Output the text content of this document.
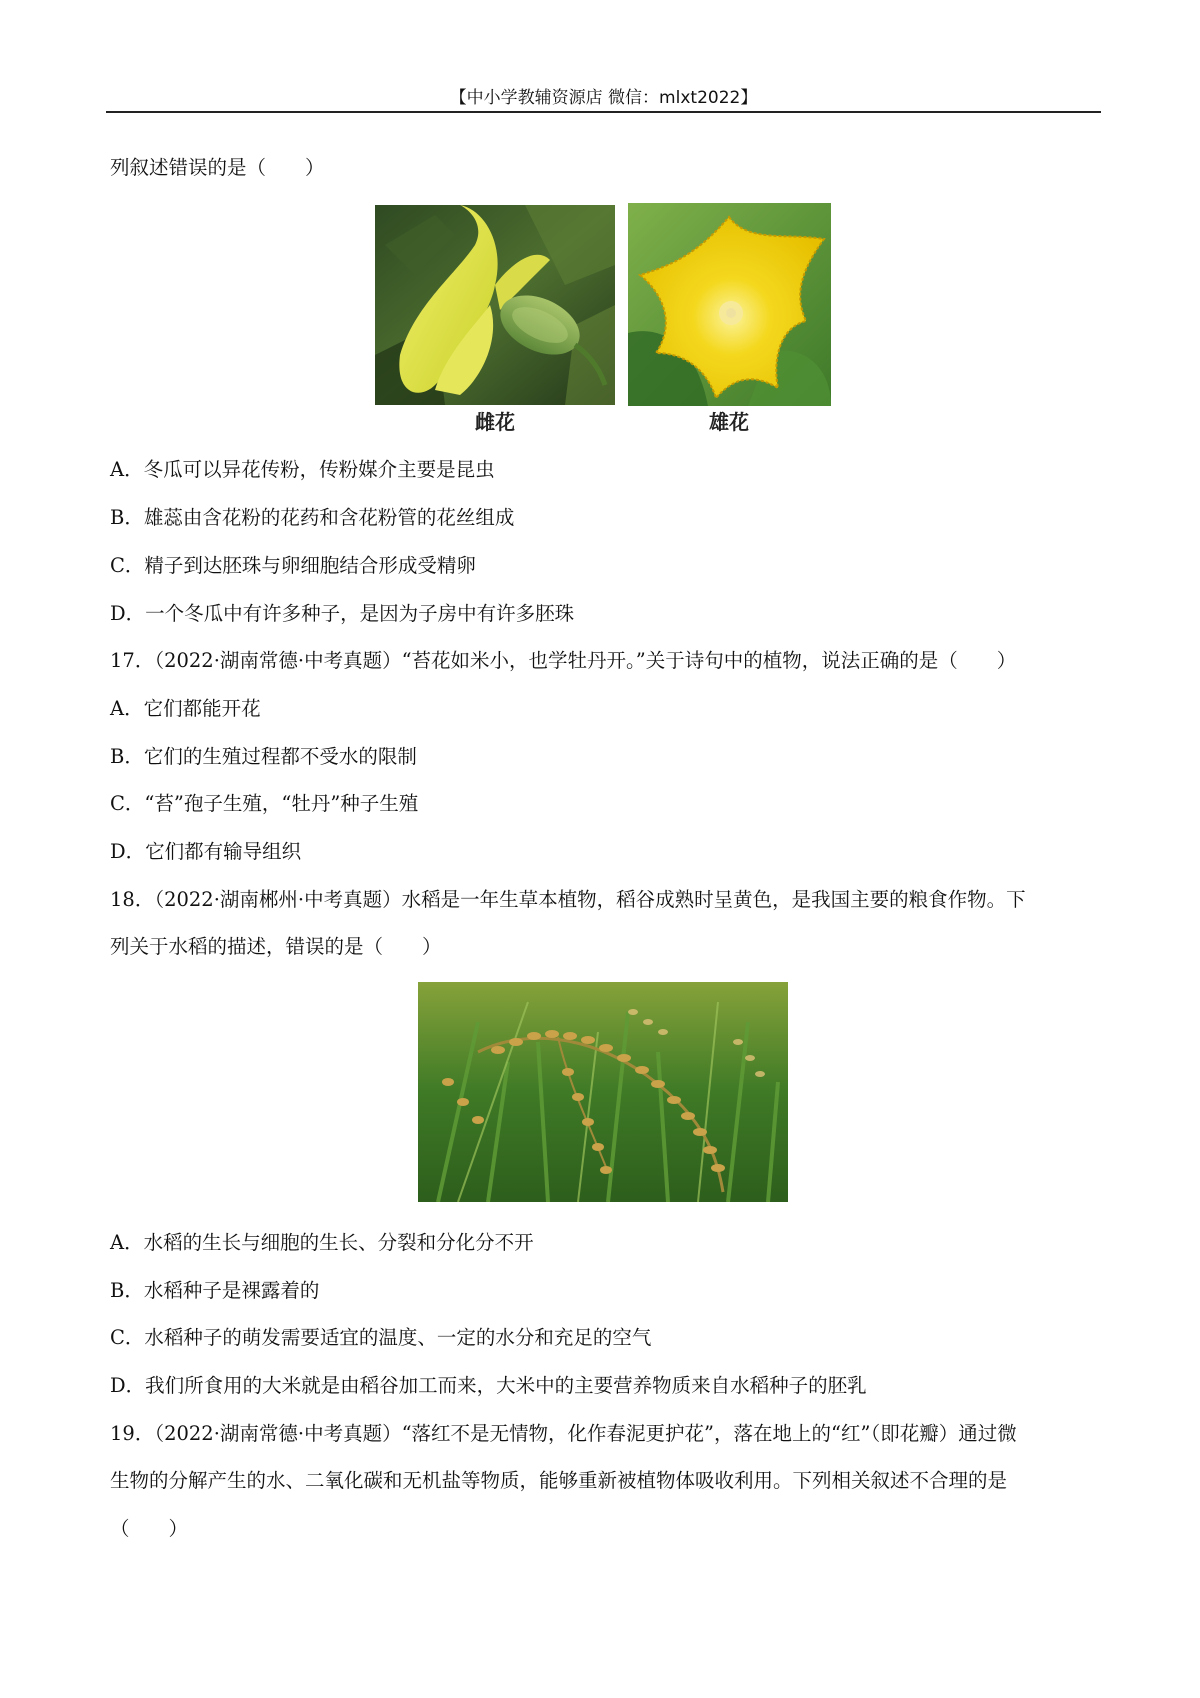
【中小学教辅资源店 微信：mlxt2022】
列叙述错误的是（　　）
雌花	雄花
A．冬瓜可以异花传粉，传粉媒介主要是昆虫
B．雄蕊由含花粉的花药和含花粉管的花丝组成
C．精子到达胚珠与卵细胞结合形成受精卵
D．一个冬瓜中有许多种子，是因为子房中有许多胚珠
17．（2022·湖南常德·中考真题）“苔花如米小，也学牡丹开。”关于诗句中的植物，说法正确的是（　　）
A．它们都能开花
B．它们的生殖过程都不受水的限制
C．“苔”孢子生殖，“牡丹”种子生殖
D．它们都有输导组织
18．（2022·湖南郴州·中考真题）水稻是一年生草本植物，稻谷成熟时呈黄色，是我国主要的粮食作物。下
列关于水稻的描述，错误的是（　　）
A．水稻的生长与细胞的生长、分裂和分化分不开
B．水稻种子是裸露着的
C．水稻种子的萌发需要适宜的温度、一定的水分和充足的空气
D．我们所食用的大米就是由稻谷加工而来，大米中的主要营养物质来自水稻种子的胚乳
19．（2022·湖南常德·中考真题）“落红不是无情物，化作春泥更护花”，落在地上的“红”（即花瓣）通过微
生物的分解产生的水、二氧化碳和无机盐等物质，能够重新被植物体吸收利用。下列相关叙述不合理的是
（　　）
